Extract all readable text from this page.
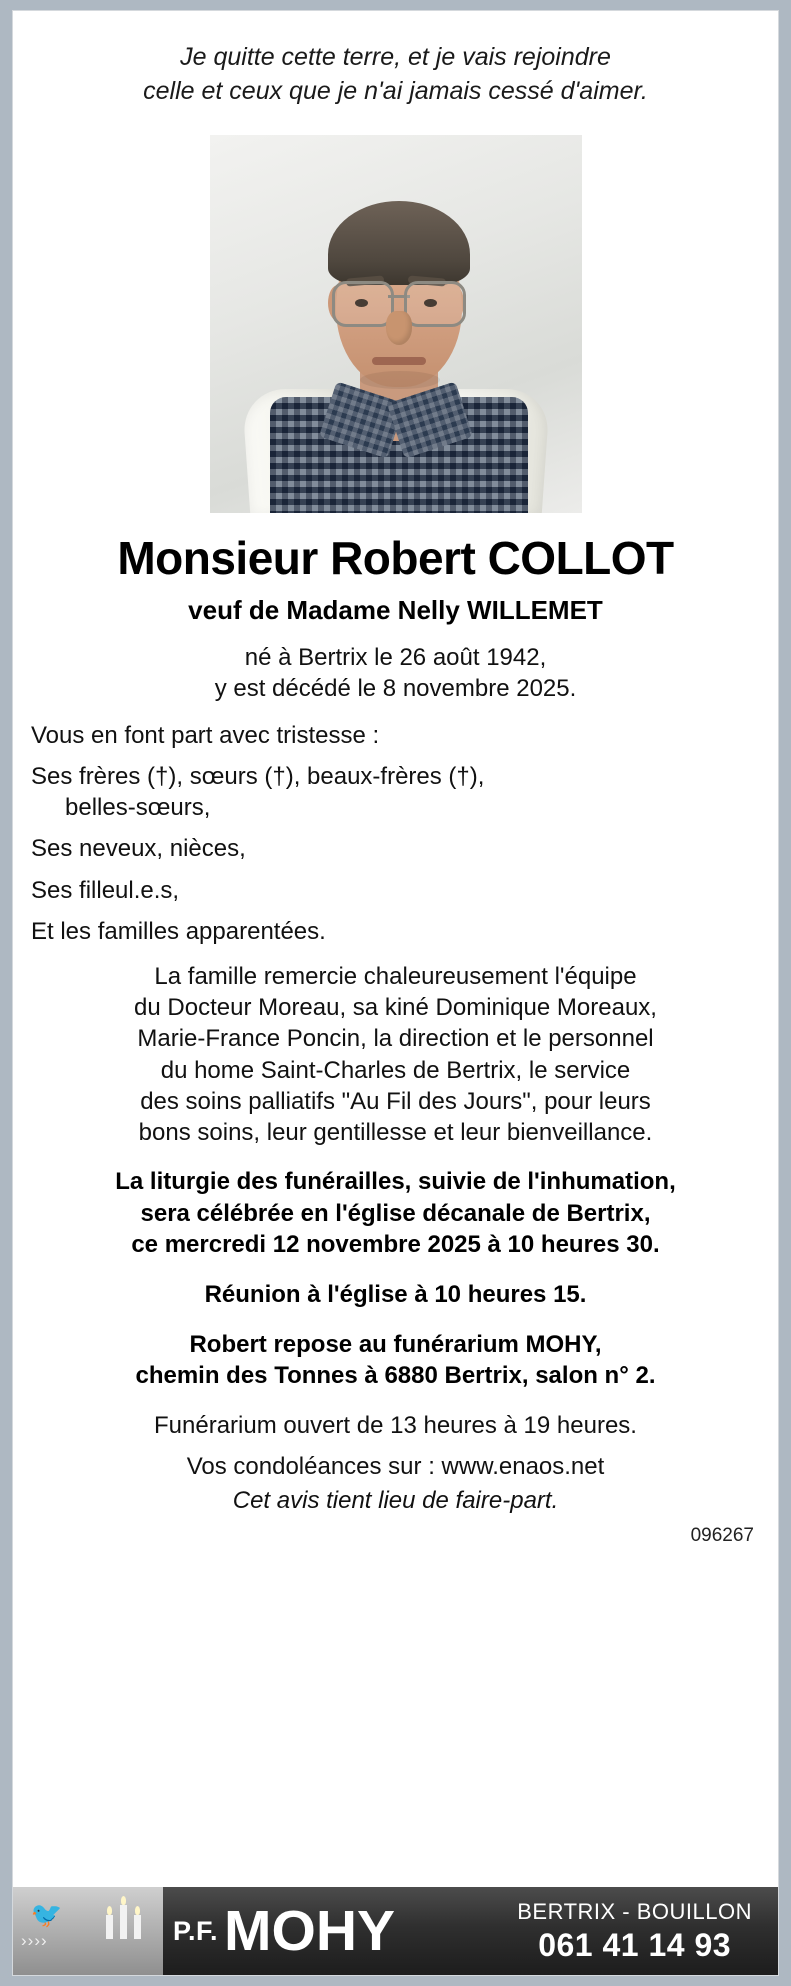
Je quitte cette terre, et je vais rejoindre
celle et ceux que je n'ai jamais cessé d'aimer.
Monsieur Robert COLLOT
veuf de Madame Nelly WILLEMET
né à Bertrix le 26 août 1942,
y est décédé le 8 novembre 2025.
Vous en font part avec tristesse :
Ses frères (†), sœurs (†), beaux-frères (†),
belles-sœurs,
Ses neveux, nièces,
Ses filleul.e.s,
Et les familles apparentées.
La famille remercie chaleureusement l'équipe
du Docteur Moreau, sa kiné Dominique Moreaux,
Marie-France Poncin, la direction et le personnel
du home Saint-Charles de Bertrix, le service
des soins palliatifs "Au Fil des Jours", pour leurs
bons soins, leur gentillesse et leur bienveillance.
La liturgie des funérailles, suivie de l'inhumation,
sera célébrée en l'église décanale de Bertrix,
ce mercredi 12 novembre 2025 à 10 heures 30.
Réunion à l'église à 10 heures 15.
Robert repose au funérarium MOHY,
chemin des Tonnes à 6880 Bertrix, salon n° 2.
Funérarium ouvert de 13 heures à 19 heures.
Vos condoléances sur : www.enaos.net
Cet avis tient lieu de faire-part.
096267
🐦
››››	P.F. MOHY	BERTRIX - BOUILLON
061 41 14 93
